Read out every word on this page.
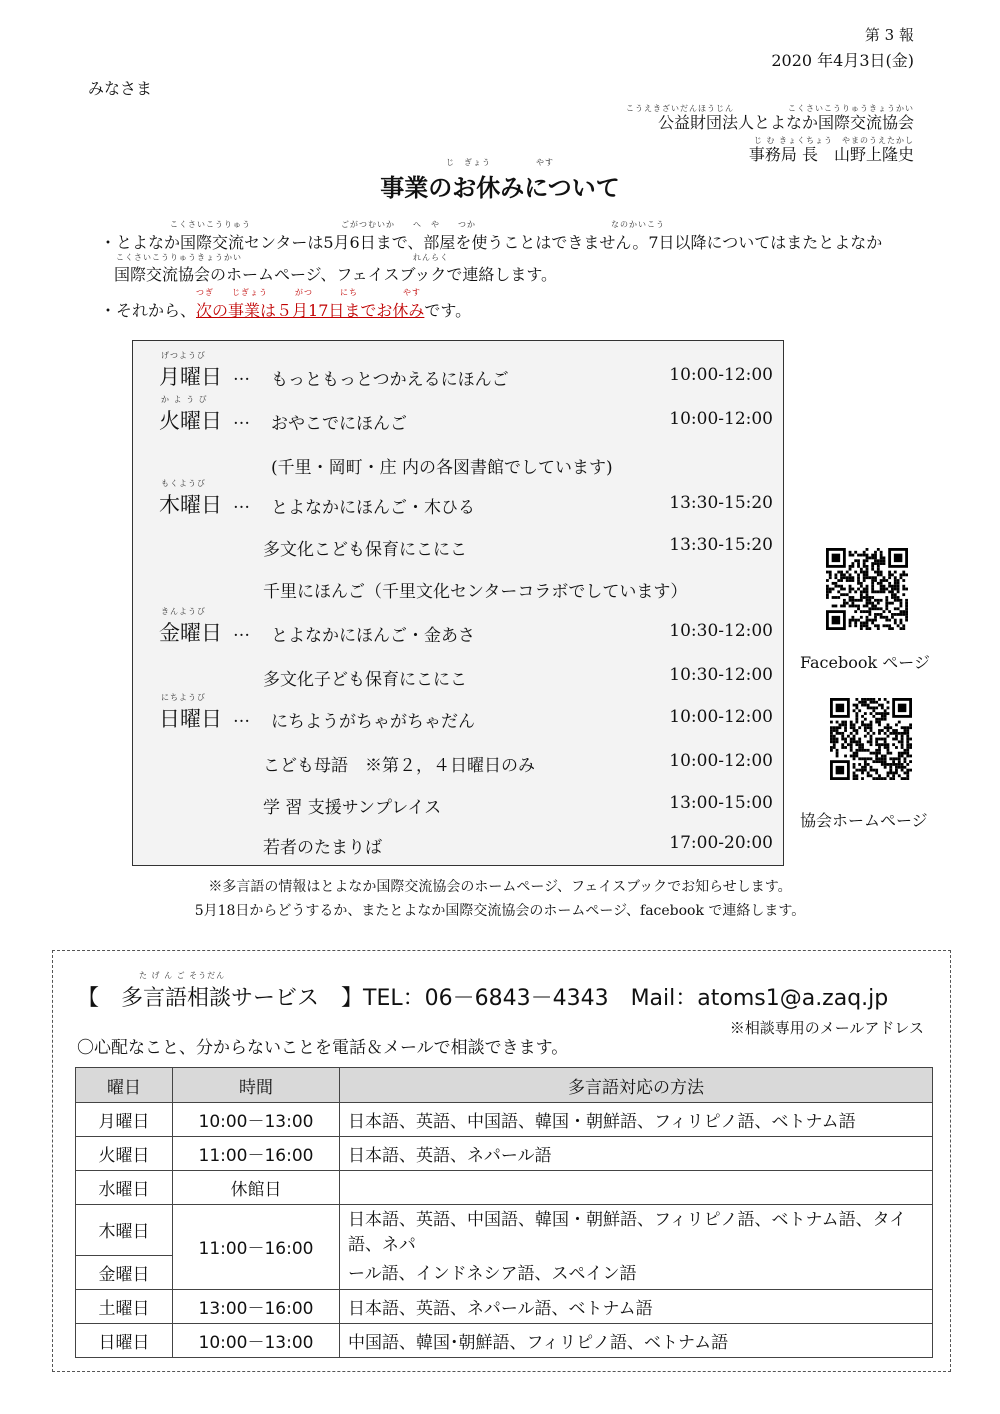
第 3 報
2020 年4月3日(金)
みなさま
こうえきざいだんほうじん　　　　　　こくさいこうりゅうきょうかい
公益財団法人とよなか国際交流協会
じ む きょくちょう　やまのうえたかし
事務局 長　山野上隆史
じ　ぎょう　　　　　やす
事業のお休みについて
こくさいこうりゅう　　　　　　　　　　ごがつむいか　　へ　や　　つか　　　　　　　　　　　　　　　なのかいこう
・とよなか国際交流センターは5月6日まで、部屋を使うことはできません。7日以降についてはまたとよなか
こくさいこうりゅうきょうかい　　　　　　　　　　　　　　　　　　　れんらく
国際交流協会のホームページ、フェイスブックで連絡します。
つぎ　　じぎょう　　　がつ　　　にち　　　　　やす
・それから、次の事業は５月17日までお休みです。
げつようび
月曜日 … もっともっとつかえるにほんご	10:00-12:00
か よ う び
火曜日 … おやこでにほんご	10:00-12:00
(千里・岡町・庄 内の各図書館でしています)
もくようび
木曜日 … とよなかにほんご・木ひる	13:30-15:20
多文化こども保育にこにこ	13:30-15:20
千里にほんご（千里文化センターコラボでしています）
きんようび
金曜日 … とよなかにほんご・金あさ	10:30-12:00
多文化子ども保育にこにこ	10:30-12:00
にちようび
日曜日 … にちようがちゃがちゃだん	10:00-12:00
こども母語　※第２，４日曜日のみ	10:00-12:00
学 習 支援サンプレイス	13:00-15:00
若者のたまりば	17:00-20:00
Facebook ページ
協会ホームページ
※多言語の情報はとよなか国際交流協会のホームページ、フェイスブックでお知らせします。
5月18日からどうするか、またとよなか国際交流協会のホームページ、facebook で連絡します。
た げ ん ご そうだん
【　多言語相談サービス　】TEL：06－6843－4343　Mail：atoms1@a.zaq.jp
※相談専用のメールアドレス
〇心配なこと、分からないことを電話＆メールで相談できます。
曜日	時間	多言語対応の方法
月曜日	10:00－13:00	日本語、英語、中国語、韓国・朝鮮語、フィリピノ語、ベトナム語
火曜日	11:00－16:00	日本語、英語、ネパール語
水曜日	休館日	
木曜日	11:00－16:00	日本語、英語、中国語、韓国・朝鮮語、フィリピノ語、ベトナム語、タイ語、ネパ
金曜日		ール語、インドネシア語、スペイン語
土曜日	13:00－16:00	日本語、英語、ネパール語、ベトナム語
日曜日	10:00－13:00	中国語、韓国･朝鮮語、フィリピノ語、ベトナム語
